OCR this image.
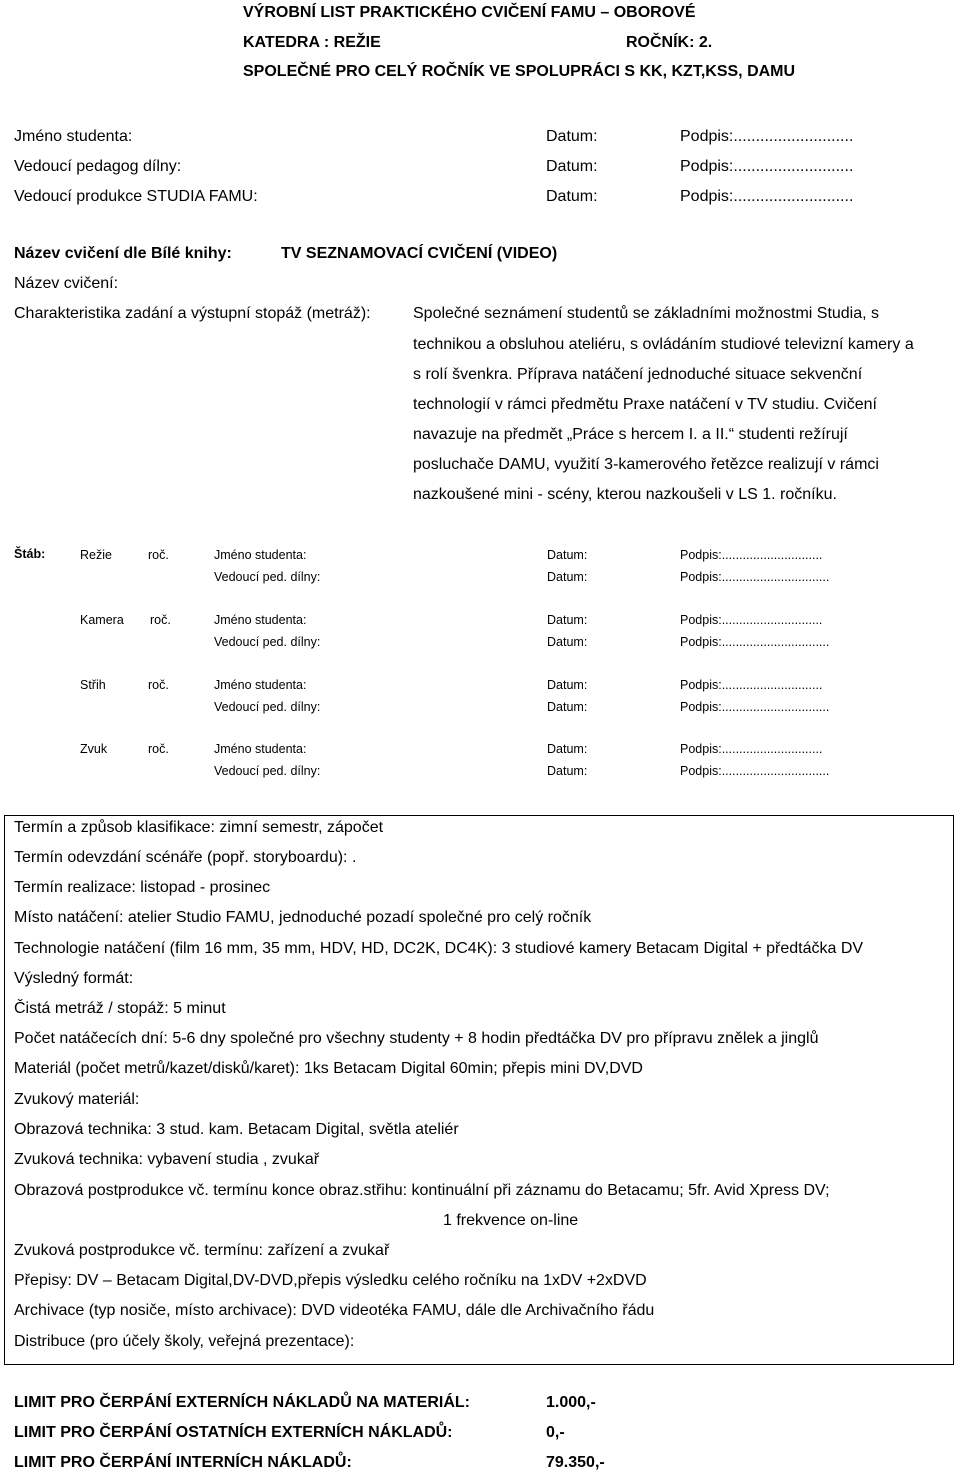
VÝROBNÍ LIST PRAKTICKÉHO CVIČENÍ FAMU – OBOROVÉ
KATEDRA : REŽIE	ROČNÍK: 2.
SPOLEČNÉ PRO CELÝ ROČNÍK VE SPOLUPRÁCI S KK, KZT,KSS, DAMU
Jméno studenta:	Datum:	Podpis:...........................
Vedoucí pedagog dílny:	Datum:	Podpis:...........................
Vedoucí produkce STUDIA FAMU:	Datum:	Podpis:...........................
Název cvičení dle Bílé knihy:	TV SEZNAMOVACÍ CVIČENÍ (VIDEO)
Název cvičení:
Charakteristika zadání a výstupní stopáž (metráž):	Společné seznámení studentů se základními možnostmi Studia, s
technikou a obsluhou ateliéru, s ovládáním studiové televizní kamery a
s rolí švenkra. Příprava natáčení jednoduché situace sekvenční
technologií v rámci předmětu Praxe natáčení v TV studiu. Cvičení
navazuje na předmět „Práce s hercem I. a II.“ studenti režírují
posluchače DAMU, využití 3-kamerového řetězce realizují v rámci
nazkoušené mini - scény, kterou nazkoušeli v LS 1. ročníku.
Štáb:	Režie	roč.	Jméno studenta:	Datum:	Podpis:.............................
Vedoucí ped. dílny:	Datum:	Podpis:...............................
Kamera roč.	Jméno studenta:	Datum:	Podpis:.............................
Vedoucí ped. dílny:	Datum:	Podpis:...............................
Střih	roč.	Jméno studenta:	Datum:	Podpis:.............................
Vedoucí ped. dílny:	Datum:	Podpis:...............................
Zvuk	roč.	Jméno studenta:	Datum:	Podpis:.............................
Vedoucí ped. dílny:	Datum:	Podpis:...............................
Termín a způsob klasifikace: zimní semestr, zápočet
Termín odevzdání scénáře (popř. storyboardu): .
Termín realizace: listopad - prosinec
Místo natáčení: atelier Studio FAMU, jednoduché pozadí společné pro celý ročník
Technologie natáčení (film 16 mm, 35 mm, HDV, HD, DC2K, DC4K): 3 studiové kamery Betacam Digital + předtáčka DV
Výsledný formát:
Čistá metráž / stopáž: 5 minut
Počet natáčecích dní: 5-6 dny společné pro všechny studenty + 8 hodin předtáčka DV pro přípravu znělek a jinglů
Materiál (počet metrů/kazet/disků/karet): 1ks Betacam Digital 60min; přepis mini DV,DVD
Zvukový materiál:
Obrazová technika: 3 stud. kam. Betacam Digital, světla ateliér
Zvuková technika: vybavení studia , zvukař
Obrazová postprodukce vč. termínu konce obraz.střihu: kontinuální při záznamu do Betacamu; 5fr. Avid Xpress DV;
1 frekvence on-line
Zvuková postprodukce vč. termínu: zařízení a zvukař
Přepisy: DV – Betacam Digital,DV-DVD,přepis výsledku celého ročníku na 1xDV +2xDVD
Archivace (typ nosiče, místo archivace): DVD videotéka FAMU, dále dle Archivačního řádu
Distribuce (pro účely školy, veřejná prezentace):
LIMIT PRO ČERPÁNÍ EXTERNÍCH NÁKLADŮ NA MATERIÁL:	1.000,-
LIMIT PRO ČERPÁNÍ OSTATNÍCH EXTERNÍCH NÁKLADŮ:	0,-
LIMIT PRO ČERPÁNÍ INTERNÍCH NÁKLADŮ:	79.350,-
